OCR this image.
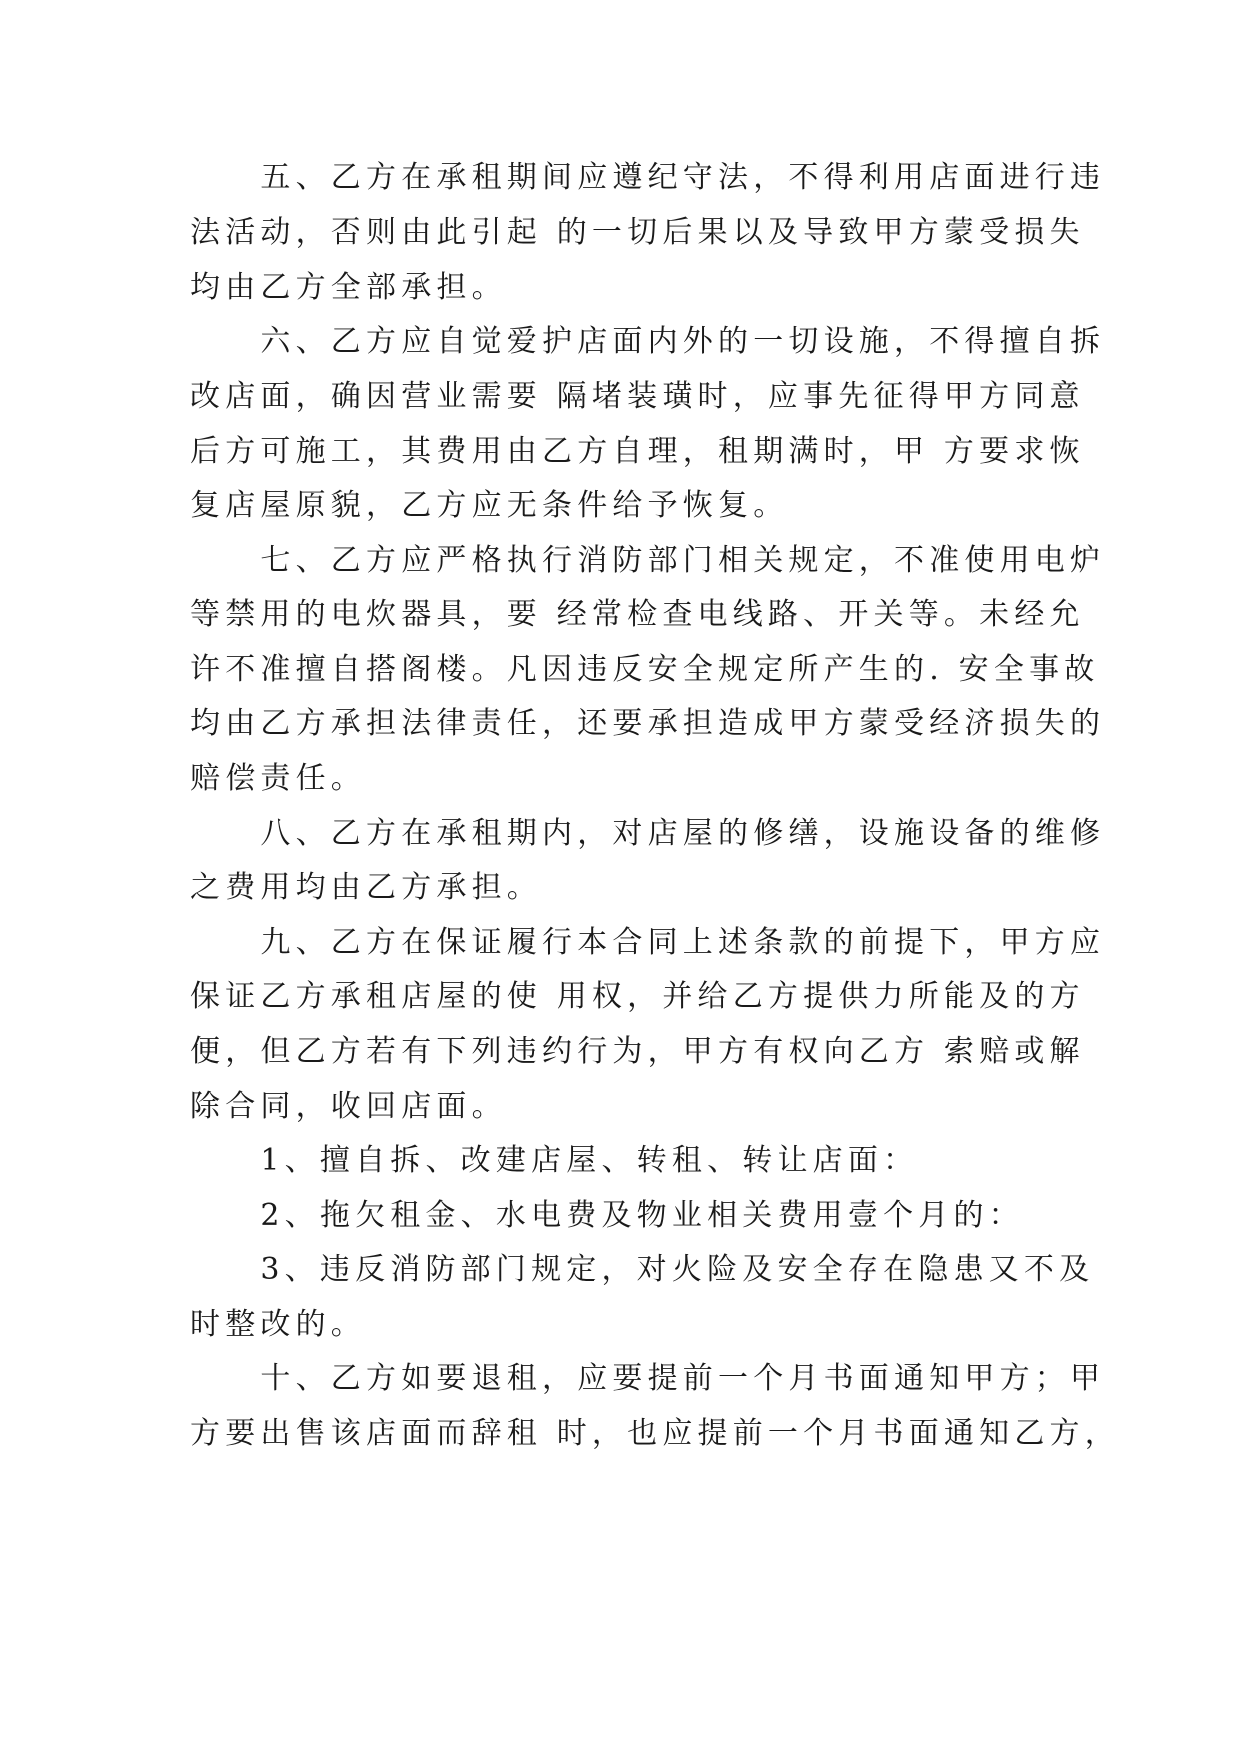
　　五、乙方在承租期间应遵纪守法，不得利用店面进行违
法活动，否则由此引起 的一切后果以及导致甲方蒙受损失
均由乙方全部承担。
　　六、乙方应自觉爱护店面内外的一切设施，不得擅自拆
改店面，确因营业需要 隔堵装璜时，应事先征得甲方同意
后方可施工，其费用由乙方自理，租期满时，甲 方要求恢
复店屋原貌，乙方应无条件给予恢复。
　　七、乙方应严格执行消防部门相关规定，不准使用电炉
等禁用的电炊器具，要 经常检查电线路、开关等。未经允
许不准擅自搭阁楼。凡因违反安全规定所产生的. 安全事故
均由乙方承担法律责任，还要承担造成甲方蒙受经济损失的
赔偿责任。
　　八、乙方在承租期内，对店屋的修缮，设施设备的维修
之费用均由乙方承担。
　　九、乙方在保证履行本合同上述条款的前提下，甲方应
保证乙方承租店屋的使 用权，并给乙方提供力所能及的方
便，但乙方若有下列违约行为，甲方有权向乙方 索赔或解
除合同，收回店面。
　　1、擅自拆、改建店屋、转租、转让店面：
　　2、拖欠租金、水电费及物业相关费用壹个月的：
　　3、违反消防部门规定，对火险及安全存在隐患又不及
时整改的。
　　十、乙方如要退租，应要提前一个月书面通知甲方；甲
方要出售该店面而辞租 时，也应提前一个月书面通知乙方，
